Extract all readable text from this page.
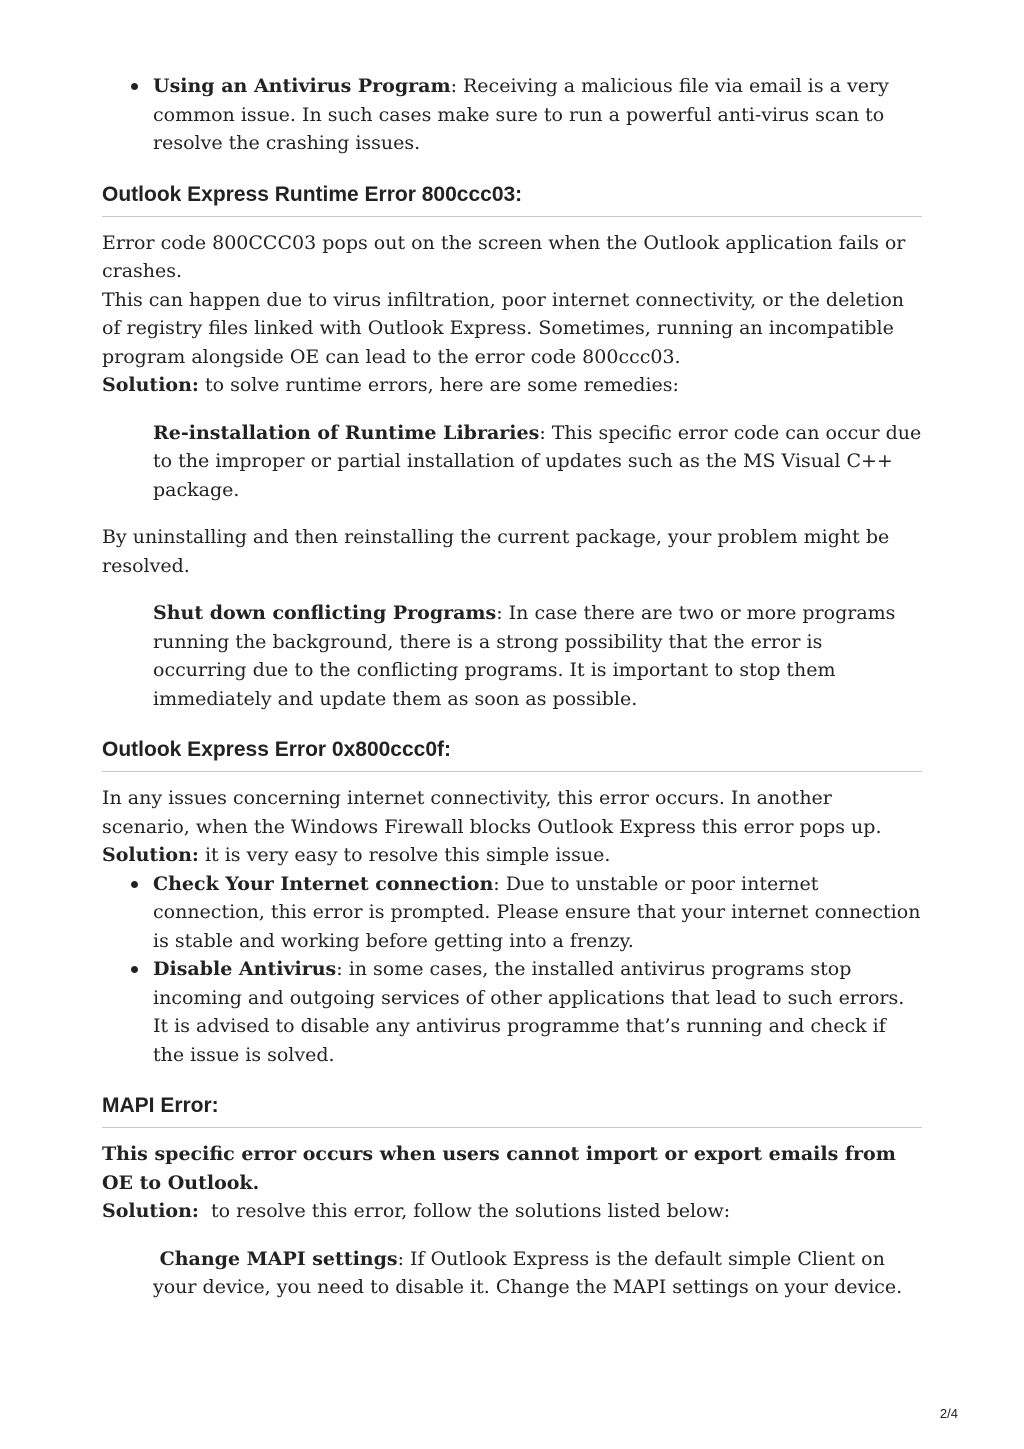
Using an Antivirus Program: Receiving a malicious file via email is a very common issue. In such cases make sure to run a powerful anti-virus scan to resolve the crashing issues.
Outlook Express Runtime Error 800ccc03:

Error code 800CCC03 pops out on the screen when the Outlook application fails or crashes.

This can happen due to virus infiltration, poor internet connectivity, or the deletion of registry files linked with Outlook Express. Sometimes, running an incompatible program alongside OE can lead to the error code 800ccc03.

Solution: to solve runtime errors, here are some remedies:

Re-installation of Runtime Libraries: This specific error code can occur due to the improper or partial installation of updates such as the MS Visual C++ package.

By uninstalling and then reinstalling the current package, your problem might be resolved.

Shut down conflicting Programs: In case there are two or more programs running the background, there is a strong possibility that the error is occurring due to the conflicting programs. It is important to stop them immediately and update them as soon as possible.

Outlook Express Error 0x800ccc0f:

In any issues concerning internet connectivity, this error occurs. In another scenario, when the Windows Firewall blocks Outlook Express this error pops up.

Solution: it is very easy to resolve this simple issue.

Check Your Internet connection: Due to unstable or poor internet connection, this error is prompted. Please ensure that your internet connection is stable and working before getting into a frenzy.
Disable Antivirus: in some cases, the installed antivirus programs stop incoming and outgoing services of other applications that lead to such errors. It is advised to disable any antivirus programme that’s running and check if the issue is solved.
MAPI Error:

This specific error occurs when users cannot import or export emails from OE to Outlook.

Solution:  to resolve this error, follow the solutions listed below:

Change MAPI settings: If Outlook Express is the default simple Client on your device, you need to disable it. Change the MAPI settings on your device.

2/4
